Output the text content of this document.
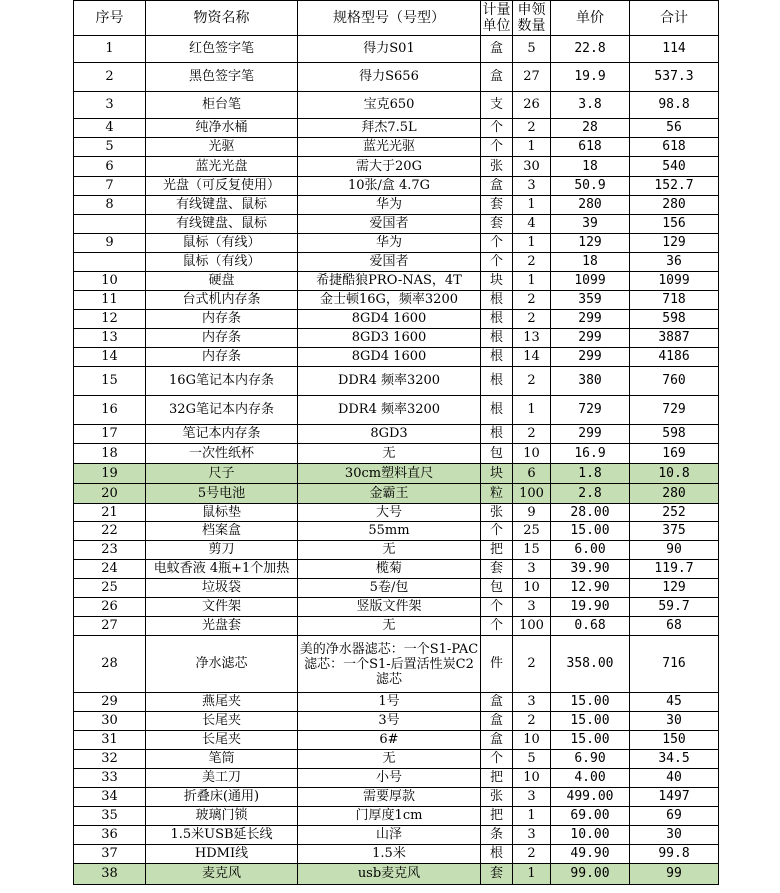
序号	物资名称	规格型号（号型）	计量单位	申领数量	单价	合计
1	红色签字笔	得力S01	盒	5	22.8	114
2	黑色签字笔	得力S656	盒	27	19.9	537.3
3	柜台笔	宝克650	支	26	3.8	98.8
4	纯净水桶	拜杰7.5L	个	2	28	56
5	光驱	蓝光光驱	个	1	618	618
6	蓝光光盘	需大于20G	张	30	18	540
7	光盘（可反复使用）	10张/盒 4.7G	盒	3	50.9	152.7
8	有线键盘、鼠标	华为	套	1	280	280
	有线键盘、鼠标	爱国者	套	4	39	156
9	鼠标（有线）	华为	个	1	129	129
	鼠标（有线）	爱国者	个	2	18	36
10	硬盘	希捷酷狼PRO-NAS，4T	块	1	1099	1099
11	台式机内存条	金士顿16G，频率3200	根	2	359	718
12	内存条	8GD4 1600	根	2	299	598
13	内存条	8GD3 1600	根	13	299	3887
14	内存条	8GD4 1600	根	14	299	4186
15	16G笔记本内存条	DDR4 频率3200	根	2	380	760
16	32G笔记本内存条	DDR4 频率3200	根	1	729	729
17	笔记本内存条	8GD3	根	2	299	598
18	一次性纸杯	无	包	10	16.9	169
19	尺子	30cm塑料直尺	块	6	1.8	10.8
20	5号电池	金霸王	粒	100	2.8	280
21	鼠标垫	大号	张	9	28.00	252
22	档案盒	55mm	个	25	15.00	375
23	剪刀	无	把	15	6.00	90
24	电蚊香液 4瓶+1个加热	榄菊	套	3	39.90	119.7
25	垃圾袋	5卷/包	包	10	12.90	129
26	文件架	竖版文件架	个	3	19.90	59.7
27	光盘套	无	个	100	0.68	68
28	净水滤芯	美的净水器滤芯：一个S1-PAC滤芯：一个S1-后置活性炭C2滤芯	件	2	358.00	716
29	燕尾夹	1号	盒	3	15.00	45
30	长尾夹	3号	盒	2	15.00	30
31	长尾夹	6#	盒	10	15.00	150
32	笔筒	无	个	5	6.90	34.5
33	美工刀	小号	把	10	4.00	40
34	折叠床(通用)	需要厚款	张	3	499.00	1497
35	玻璃门锁	门厚度1cm	把	1	69.00	69
36	1.5米USB延长线	山泽	条	3	10.00	30
37	HDMI线	1.5米	根	2	49.90	99.8
38	麦克风	usb麦克风	套	1	99.00	99
